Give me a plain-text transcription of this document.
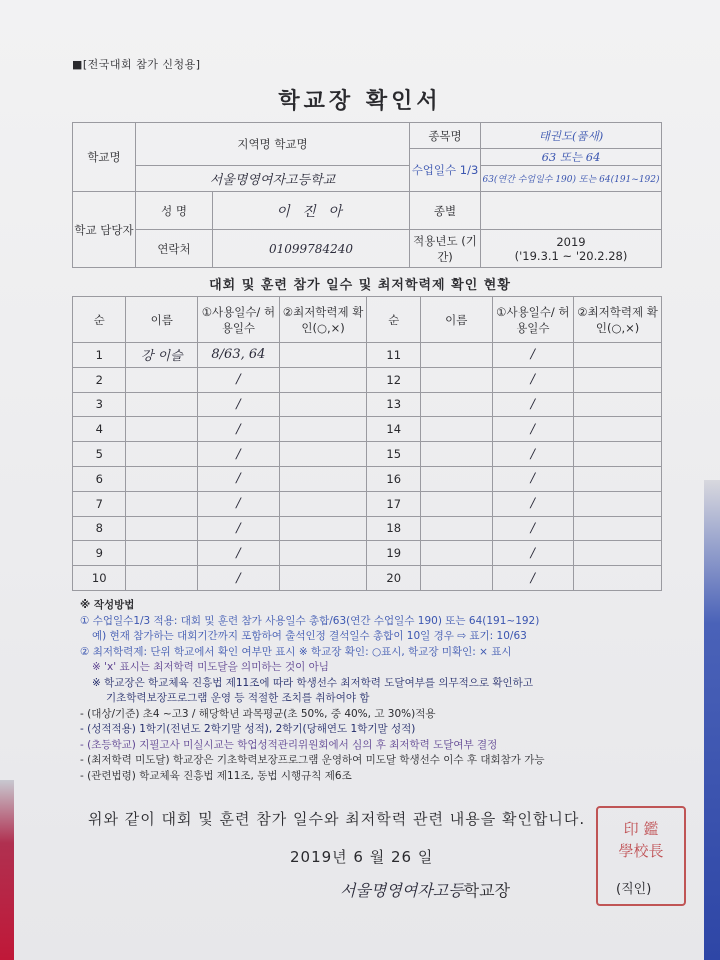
■[전국대회 참가 신청용]
학교장 확인서
학교명	지역명 학교명		종목명	태권도(품새)
			수업일수 1/3	63 또는 64
	서울명영여자고등학교			63(연간 수업일수 190) 또는 64(191~192)
학교 담당자	성 명	이 진 아	종별	
	연락처	01099784240	적용년도 (기간)	2019
('19.3.1 ~ '20.2.28)
대회 및 훈련 참가 일수 및 최저학력제 확인 현황
순	이름	①사용일수/ 허용일수	②최저학력제 확인(○,×)	순	이름	①사용일수/ 허용일수	②최저학력제 확인(○,×)
1	강 이슬	8/63, 64		11		/	
2		/		12		/	
3		/		13		/	
4		/		14		/	
5		/		15		/	
6		/		16		/	
7		/		17		/	
8		/		18		/	
9		/		19		/	
10		/		20		/	
※ 작성방법
① 수업일수1/3 적용: 대회 및 훈련 참가 사용일수 총합/63(연간 수업일수 190) 또는 64(191~192)
예) 현재 참가하는 대회기간까지 포함하여 출석인정 결석일수 총합이 10일 경우 ⇨ 표기: 10/63
② 최저학력제: 단위 학교에서 확인 여부만 표시 ※ 학교장 확인: ○표시, 학교장 미확인: × 표시
※ 'x' 표시는 최저학력 미도달을 의미하는 것이 아님
※ 학교장은 학교체육 진흥법 제11조에 따라 학생선수 최저학력 도달여부를 의무적으로 확인하고
기초학력보장프로그램 운영 등 적절한 조치를 취하여야 함
- (대상/기준) 초4 ~고3 / 해당학년 과목평균(초 50%, 중 40%, 고 30%)적용
- (성적적용) 1학기(전년도 2학기말 성적), 2학기(당해연도 1학기말 성적)
- (초등학교) 지필고사 미실시교는 학업성적관리위원회에서 심의 후 최저학력 도달여부 결정
- (최저학력 미도달) 학교장은 기초학력보장프로그램 운영하여 미도달 학생선수 이수 후 대회참가 가능
- (관련법령) 학교체육 진흥법 제11조, 동법 시행규칙 제6조
위와 같이 대회 및 훈련 참가 일수와 최저학력 관련 내용을 확인합니다.
2019년 6 월 26 일
서울명영여자고등학교장
印 鑑
學校長
(직인)
